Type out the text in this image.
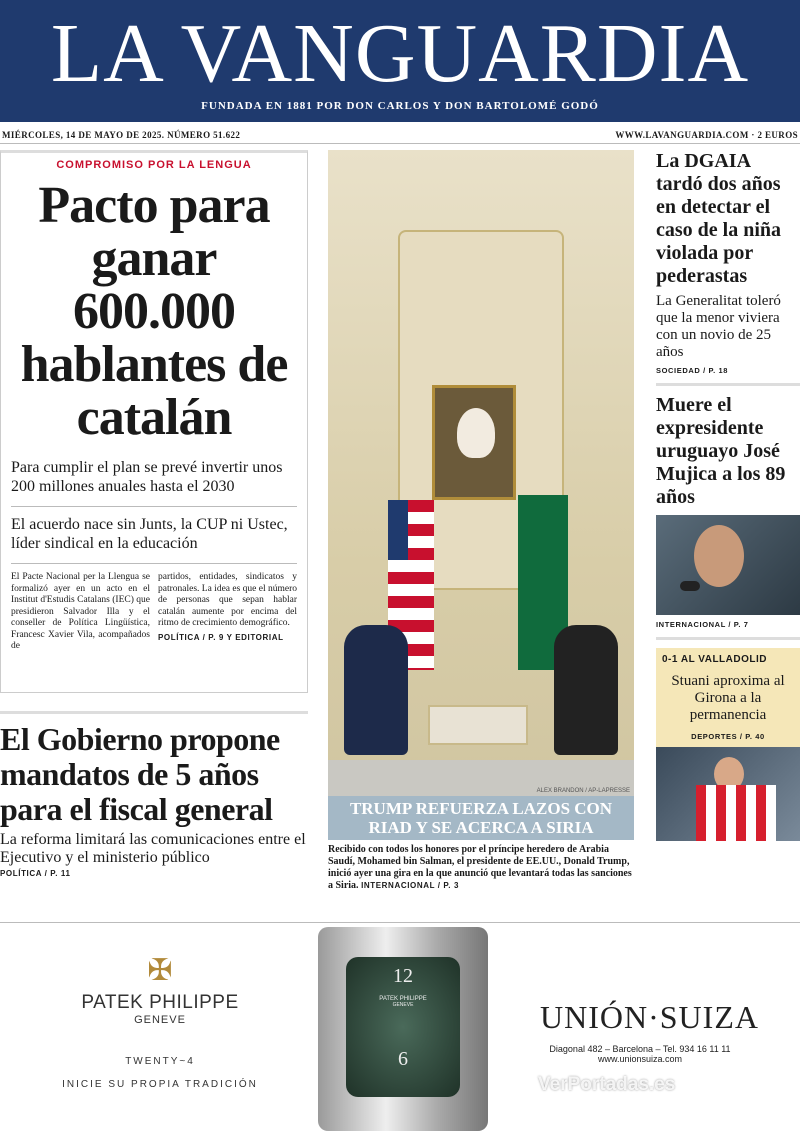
LA VANGUARDIA
FUNDADA EN 1881 POR DON CARLOS Y DON BARTOLOMÉ GODÓ
MIÉRCOLES, 14 DE MAYO DE 2025. NÚMERO 51.622	WWW.LAVANGUARDIA.COM · 2 EUROS
COMPROMISO POR LA LENGUA
Pacto para ganar 600.000 hablantes de catalán

Para cumplir el plan se prevé invertir unos 200 millones anuales hasta el 2030

El acuerdo nace sin Junts, la CUP ni Ustec, líder sindical en la educación

El Pacte Nacional per la Llengua se formalizó ayer en un acto en el Institut d'Estudis Catalans (IEC) que presidieron Salvador Illa y el conseller de Política Lingüística, Francesc Xavier Vila, acompañados de
partidos, entidades, sindicatos y patronales. La idea es que el número de personas que sepan hablar catalán aumente por encima del ritmo de crecimiento demográfico.
POLÍTICA / P. 9 Y EDITORIAL
El Gobierno propone mandatos de 5 años para el fiscal general

La reforma limitará las comunicaciones entre el Ejecutivo y el ministerio público

POLÍTICA / P. 11
ALEX BRANDON / AP-LAPRESSE
TRUMP REFUERZA LAZOS CON RIAD Y SE ACERCA A SIRIA

Recibido con todos los honores por el príncipe heredero de Arabia Saudí, Mohamed bin Salman, el presidente de EE.UU., Donald Trump, inició ayer una gira en la que anunció que levantará todas las sanciones a Siria. INTERNACIONAL / P. 3

La DGAIA tardó dos años en detectar el caso de la niña violada por pederastas

La Generalitat toleró que la menor viviera con un novio de 25 años

SOCIEDAD / P. 18
Muere el expresidente uruguayo José Mujica a los 89 años
INTERNACIONAL / P. 7
0-1 AL VALLADOLID
Stuani aproxima al Girona a la permanencia
DEPORTES / P. 40
✠
PATEK PHILIPPE
GENEVE
TWENTY~4
INICIE SU PROPIA TRADICIÓN
12
PATEK PHILIPPE
GENEVE
6
UNIÓN·SUIZA
Diagonal 482 – Barcelona – Tel. 934 16 11 11
www.unionsuiza.com
VerPortadas.es
